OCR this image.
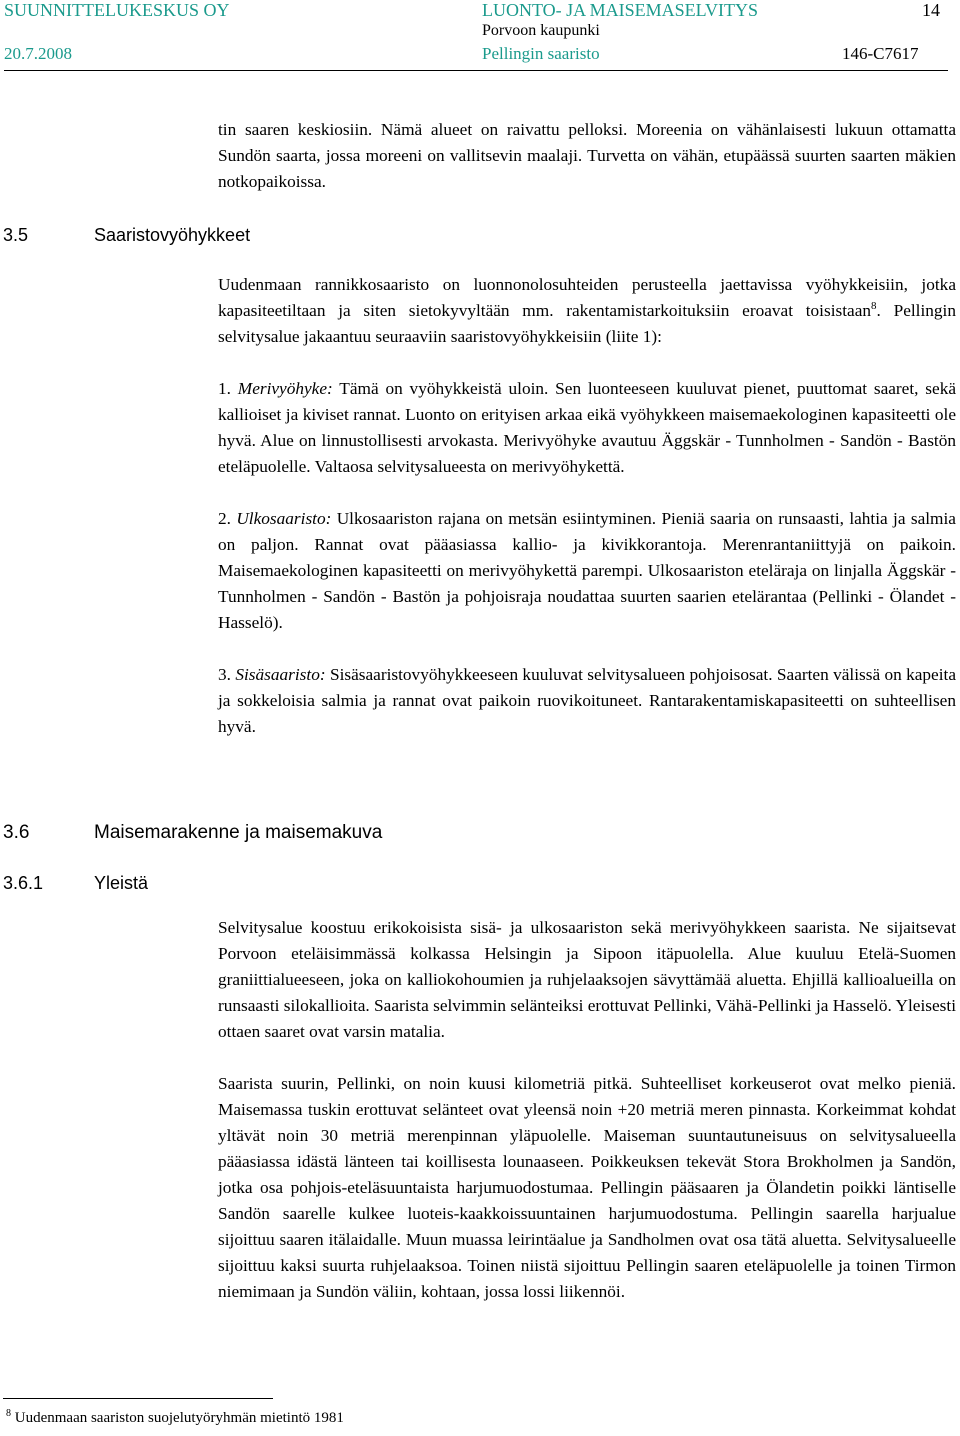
SUUNNITTELUKESKUS OY	LUONTO- JA MAISEMASELVITYS	14
Porvoon kaupunki
20.7.2008	Pellingin saaristo	146-C7617

tin saaren keskiosiin. Nämä alueet on raivattu pelloksi. Moreenia on vähänlaisesti lukuun ottamatta Sundön saarta, jossa moreeni on vallitsevin maalaji. Turvetta on vähän, etupäässä suurten saarten mäkien notkopaikoissa.

3.5	Saaristovyöhykkeet

Uudenmaan rannikkosaaristo on luonnonolosuhteiden perusteella jaettavissa vyöhykkeisiin, jotka kapasiteetiltaan ja siten sietokyvyltään mm. rakentamistarkoituksiin eroavat toisistaan$^8$. Pellingin selvitysalue jakaantuu seuraaviin saaristovyöhykkeisiin (liite 1):

1. Merivyöhyke: Tämä on vyöhykkeistä uloin. Sen luonteeseen kuuluvat pienet, puuttomat saaret, sekä kallioiset ja kiviset rannat. Luonto on erityisen arkaa eikä vyöhykkeen maisemaekologinen kapasiteetti ole hyvä. Alue on linnustollisesti arvokasta. Merivyöhyke avautuu Äggskär - Tunnholmen - Sandön - Bastön eteläpuolelle. Valtaosa selvitysalueesta on merivyöhykettä.

2. Ulkosaaristo: Ulkosaariston rajana on metsän esiintyminen. Pieniä saaria on runsaasti, lahtia ja salmia on paljon. Rannat ovat pääasiassa kallio- ja kivikkorantoja. Merenrantaniittyjä on paikoin. Maisemaekologinen kapasiteetti on merivyöhykettä parempi. Ulkosaariston eteläraja on linjalla Äggskär - Tunnholmen - Sandön - Bastön ja pohjoisraja noudattaa suurten saarien etelärantaa (Pellinki - Ölandet - Hasselö).

3. Sisäsaaristo: Sisäsaaristovyöhykkeeseen kuuluvat selvitysalueen pohjoisosat. Saarten välissä on kapeita ja sokkeloisia salmia ja rannat ovat paikoin ruovikoituneet. Rantarakentamiskapasiteetti on suhteellisen hyvä.

3.6	Maisemarakenne ja maisemakuva
3.6.1	Yleistä

Selvitysalue koostuu erikokoisista sisä- ja ulkosaariston sekä merivyöhykkeen saarista. Ne sijaitsevat Porvoon eteläisimmässä kolkassa Helsingin ja Sipoon itäpuolella. Alue kuuluu Etelä-Suomen graniittialueeseen, joka on kalliokohoumien ja ruhjelaaksojen sävyttämää aluetta. Ehjillä kallioalueilla on runsaasti silokallioita. Saarista selvimmin selänteiksi erottuvat Pellinki, Vähä-Pellinki ja Hasselö. Yleisesti ottaen saaret ovat varsin matalia.

Saarista suurin, Pellinki, on noin kuusi kilometriä pitkä. Suhteelliset korkeuserot ovat melko pieniä. Maisemassa tuskin erottuvat selänteet ovat yleensä noin +20 metriä meren pinnasta. Korkeimmat kohdat yltävät noin 30 metriä merenpinnan yläpuolelle. Maiseman suuntautuneisuus on selvitysalueella pääasiassa idästä länteen tai koillisesta lounaaseen. Poikkeuksen tekevät Stora Brokholmen ja Sandön, jotka osa pohjois-eteläsuuntaista harjumuodostumaa. Pellingin pääsaaren ja Ölandetin poikki läntiselle Sandön saarelle kulkee luoteis-kaakkoissuuntainen harjumuodostuma. Pellingin saarella harjualue sijoittuu saaren itälaidalle. Muun muassa leirintäalue ja Sandholmen ovat osa tätä aluetta. Selvitysalueelle sijoittuu kaksi suurta ruhjelaaksoa. Toinen niistä sijoittuu Pellingin saaren eteläpuolelle ja toinen Tirmon niemimaan ja Sundön väliin, kohtaan, jossa lossi liikennöi.

$^8$ Uudenmaan saariston suojelutyöryhmän mietintö 1981
